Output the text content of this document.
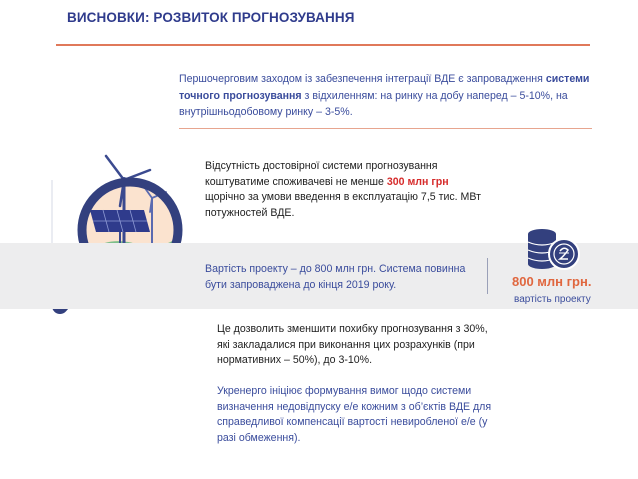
ВИСНОВКИ: РОЗВИТОК ПРОГНОЗУВАННЯ
Першочерговим заходом із забезпечення інтеграції ВДЕ є запровадження системи точного прогнозування з відхиленням: на ринку на добу наперед – 5-10%, на внутрішньодобовому ринку – 3-5%.
Відсутність достовірної системи прогнозування коштуватиме споживачеві не менше 300 млн грн щорічно за умови введення в експлуатацію 7,5 тис. МВт потужностей ВДЕ.
Вартість проекту – до 800 млн грн. Система повинна бути запроваджена до кінця 2019 року.	800 млн грн.
вартість проекту
Це дозволить зменшити похибку прогнозування з 30%, які закладалися при виконання цих розрахунків (при нормативних – 50%), до 3-10%.
Укренерго ініціює формування вимог щодо системи визначення недовідпуску е/е кожним з об’єктів ВДЕ для справедливої компенсації вартості невиробленої е/е (у разі обмеження).
